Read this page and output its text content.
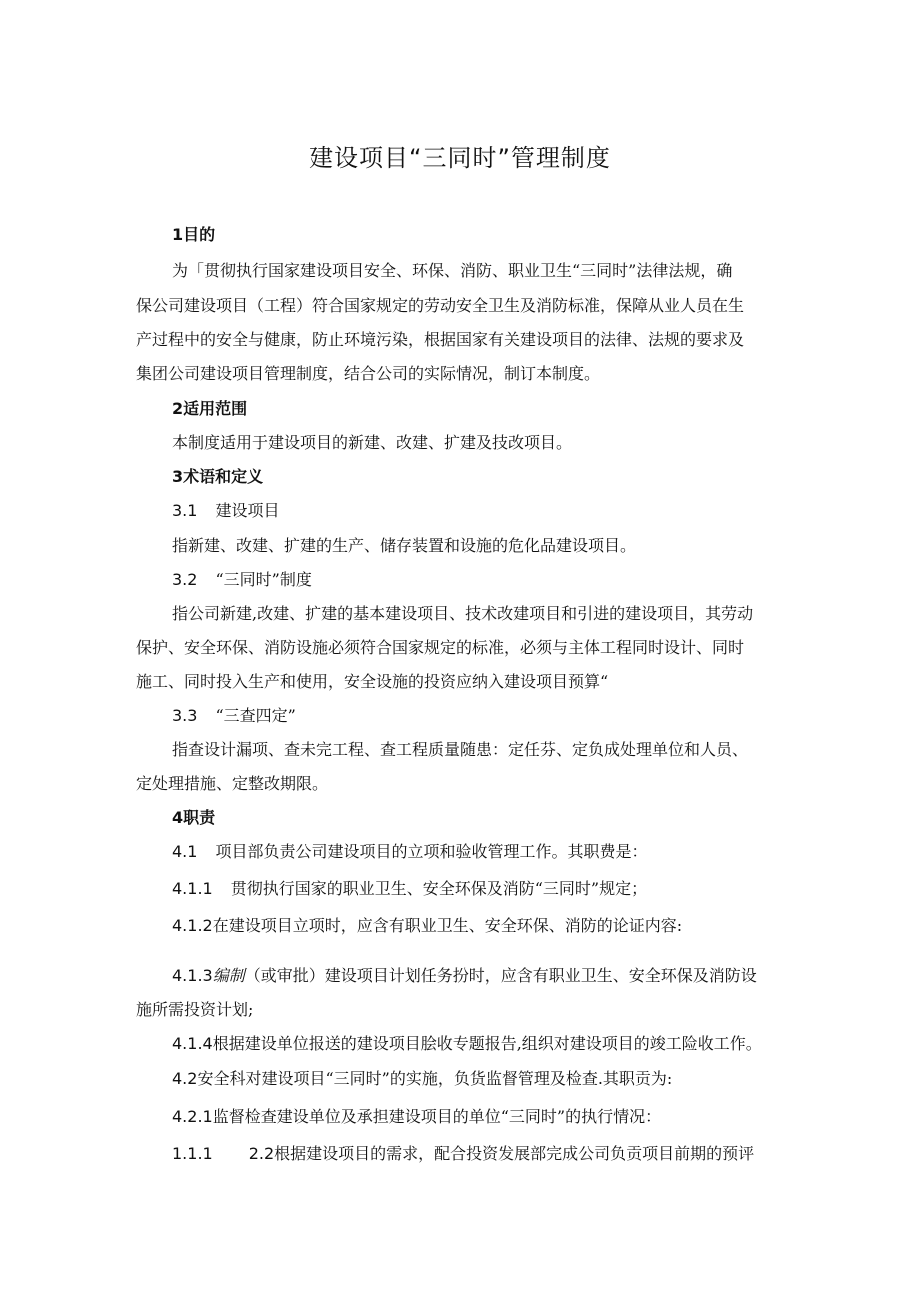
建设项目“三同时”管理制度
1目的
为「贯彻执行国家建设项目安全、环保、消防、职业卫生“三同时”法律法规，确
保公司建设项目（工程）符合国家规定的劳动安全卫生及消防标准，保障从业人员在生
产过程中的安全与健康，防止环境污染，根据国家有关建设项目的法律、法规的要求及
集团公司建设项目管理制度，结合公司的实际情况，制订本制度。
2适用范围
本制度适用于建设项目的新建、改建、扩建及技改项目。
3术语和定义
3.1 建设项目
指新建、改建、扩建的生产、储存装置和设施的危化品建设项目。
3.2 “三同时”制度
指公司新建,改建、扩建的基本建设项目、技术改建项目和引进的建设项目，其劳动
保护、安全环保、消防设施必须符合国家规定的标准，必须与主体工程同时设计、同时
施工、同时投入生产和使用，安全设施的投资应纳入建设项目预算“
3.3 “三查四定”
指查设计漏项、查未完工程、查工程质量随患：定任芬、定负成处理单位和人员、
定处理措施、定整改期限。
4职责
4.1 项目部负责公司建设项目的立项和验收管理工作。其职费是：
4.1.1 贯彻执行国家的职业卫生、安全环保及消防“三同时”规定；
4.1.2在建设项目立项时，应含有职业卫生、安全环保、消防的论证内容:
4.1.3编制（或审批）建设项目计划任务扮时，应含有职业卫生、安全环保及消防设
施所需投资计划;
4.1.4根据建设单位报送的建设项目脍收专题报告,组织对建设项目的竣工险收工作。
4.2安全科对建设项目“三同时”的实施，负货监督管理及检查.其职贡为:
4.2.1监督检查建设单位及承担建设项目的单位“三同时”的执行情况：
1.1.1 2.2根据建设项目的需求，配合投资发展部完成公司负贡项目前期的预评
